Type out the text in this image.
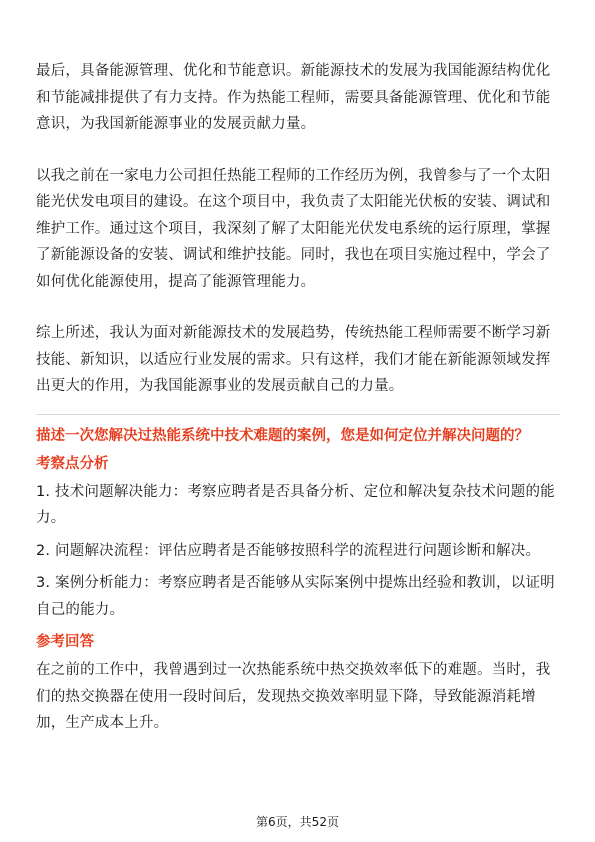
最后，具备能源管理、优化和节能意识。新能源技术的发展为我国能源结构优化和节能减排提供了有力支持。作为热能工程师，需要具备能源管理、优化和节能意识，为我国新能源事业的发展贡献力量。

以我之前在一家电力公司担任热能工程师的工作经历为例，我曾参与了一个太阳能光伏发电项目的建设。在这个项目中，我负责了太阳能光伏板的安装、调试和维护工作。通过这个项目，我深刻了解了太阳能光伏发电系统的运行原理，掌握了新能源设备的安装、调试和维护技能。同时，我也在项目实施过程中，学会了如何优化能源使用，提高了能源管理能力。

综上所述，我认为面对新能源技术的发展趋势，传统热能工程师需要不断学习新技能、新知识，以适应行业发展的需求。只有这样，我们才能在新能源领域发挥出更大的作用，为我国能源事业的发展贡献自己的力量。

描述一次您解决过热能系统中技术难题的案例，您是如何定位并解决问题的？

考察点分析

1. 技术问题解决能力：考察应聘者是否具备分析、定位和解决复杂技术问题的能力。

2. 问题解决流程：评估应聘者是否能够按照科学的流程进行问题诊断和解决。

3. 案例分析能力：考察应聘者是否能够从实际案例中提炼出经验和教训，以证明自己的能力。

参考回答

在之前的工作中，我曾遇到过一次热能系统中热交换效率低下的难题。当时，我们的热交换器在使用一段时间后，发现热交换效率明显下降，导致能源消耗增加，生产成本上升。

第6页，共52页
